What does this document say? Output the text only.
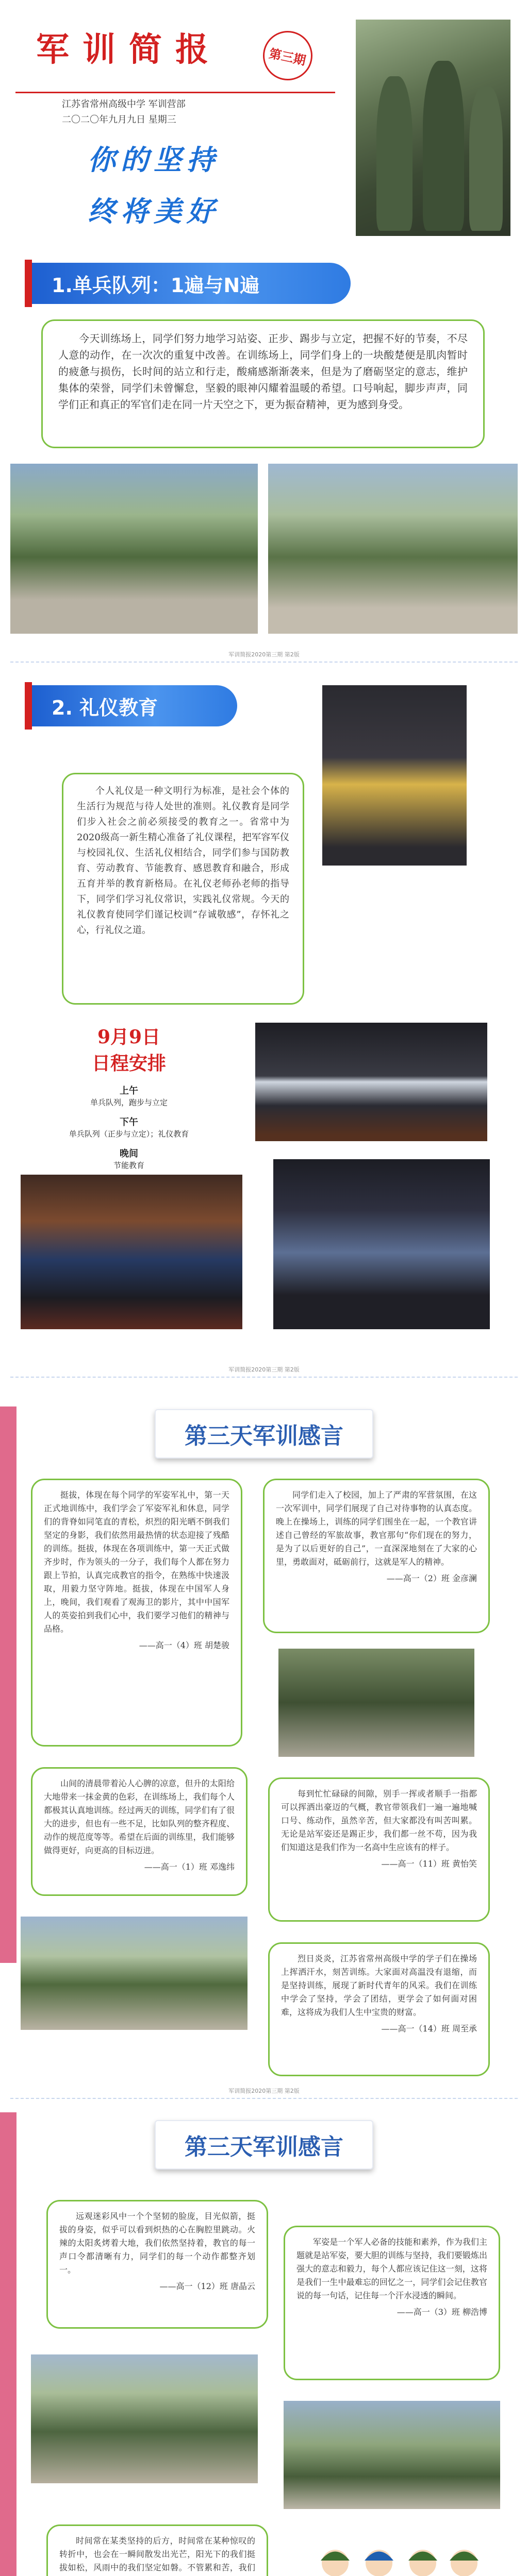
军训简报	第三期
江苏省常州高级中学 军训营部
二〇二〇年九月九日 星期三
你的坚持
终将美好
1.单兵队列：1遍与N遍
今天训练场上，同学们努力地学习站姿、正步、踢步与立定，把握不好的节奏，不尽人意的动作，在一次次的重复中改善。在训练场上，同学们身上的一块酸楚便是肌肉暂时的疲惫与损伤，长时间的站立和行走，酸痛感渐渐袭来，但是为了磨砺坚定的意志，维护集体的荣誉，同学们未曾懈怠，坚毅的眼神闪耀着温暖的希望。口号响起，脚步声声，同学们正和真正的军官们走在同一片天空之下，更为振奋精神，更为感到身受。
军训简报2020第三期 第2版
2. 礼仪教育
个人礼仪是一种文明行为标准，是社会个体的生活行为规范与待人处世的准则。礼仪教育是同学们步入社会之前必须接受的教育之一。省常中为2020级高一新生精心准备了礼仪课程，把军容军仪与校园礼仪、生活礼仪相结合，同学们参与国防教育、劳动教育、节能教育、感恩教育和融合，形成五育并举的教育新格局。在礼仪老师孙老师的指导下，同学们学习礼仪常识，实践礼仪常规。今天的礼仪教育使同学们谨记校训“存诚敬感”，存怀礼之心，行礼仪之道。
9月9日
日程安排
上午
单兵队列，跑步与立定
下午
单兵队列（正步与立定）；礼仪教育
晚间
节能教育
军训简报2020第三期 第2版
第三天军训感言

挺拔，体现在每个同学的军姿军礼中，第一天正式地训练中，我们学会了军姿军礼和休息，同学们的背脊如同笔直的青松，炽烈的阳光晒不倒我们坚定的身影，我们依然用最热情的状态迎接了残酷的训练。挺拔，体现在各项训练中，第一天正式做齐步时，作为领头的一分子，我们每个人都在努力跟上节拍，认真完成教官的指令，在熟练中快速汲取，用毅力坚守阵地。挺拔，体现在中国军人身上，晚间，我们观看了观海卫的影片，其中中国军人的英姿拍到我们心中，我们要学习他们的精神与品格。

——高一（4）班 胡楚骏

同学们走入了校园，加上了严肃的军营氛围，在这一次军训中，同学们展现了自己对待事物的认真态度。晚上在操场上，训练的同学们围坐在一起，一个教官讲述自己曾经的军旅故事，教官那句“你们现在的努力，是为了以后更好的自己”，一直深深地刻在了大家的心里，勇敢面对，砥砺前行，这就是军人的精神。

——高一（2）班 金彦澜

山间的清晨带着沁人心脾的凉意，但升的太阳给大地带来一抹金黄的色彩，在训练场上，我们每个人都极其认真地训练。经过两天的训练，同学们有了很大的进步，但也有一些不足，比如队列的整齐程度、动作的规范度等等。希望在后面的训练里，我们能够做得更好，向更高的目标迈进。

——高一（1）班 邓逸纬

每到忙忙碌碌的间隙，别手一挥或者顺手一指都可以挥洒出豪迈的气概，教官带领我们一遍一遍地喊口号、练动作，虽然辛苦，但大家都没有叫苦叫累。无论是站军姿还是踢正步，我们都一丝不苟，因为我们知道这是我们作为一名高中生应该有的样子。

——高一（11）班 黄怡笑

烈日炎炎，江苏省常州高级中学的学子们在操场上挥洒汗水，刻苦训练。大家面对高温没有退缩，而是坚持训练，展现了新时代青年的风采。我们在训练中学会了坚持，学会了团结，更学会了如何面对困难，这将成为我们人生中宝贵的财富。

——高一（14）班 周至承
军训简报2020第三期 第2版
第三天军训感言

远观迷彩风中一个个坚韧的脸庞，目光似箭，挺拔的身姿，似乎可以看到炽热的心在胸腔里跳动。火辣的太阳炙烤着大地，我们依然坚持着，教官的每一声口令都清晰有力，同学们的每一个动作都整齐划一。

——高一（12）班 唐晶云

军姿是一个军人必备的技能和素养，作为我们主题就是站军姿，要大胆的训练与坚持，我们要锻炼出强大的意志和毅力，每个人都应该记住这一刻，这将是我们一生中最难忘的回忆之一，同学们会记住教官说的每一句话，记住每一个汗水浸透的瞬间。

——高一（3）班 柳浩博

时间常在某类坚持的后方，时间常在某种惊叹的转折中，也会在一瞬间散发出光芒，阳光下的我们挺拔如松，风雨中的我们坚定如磐。不管累和苦，我们
